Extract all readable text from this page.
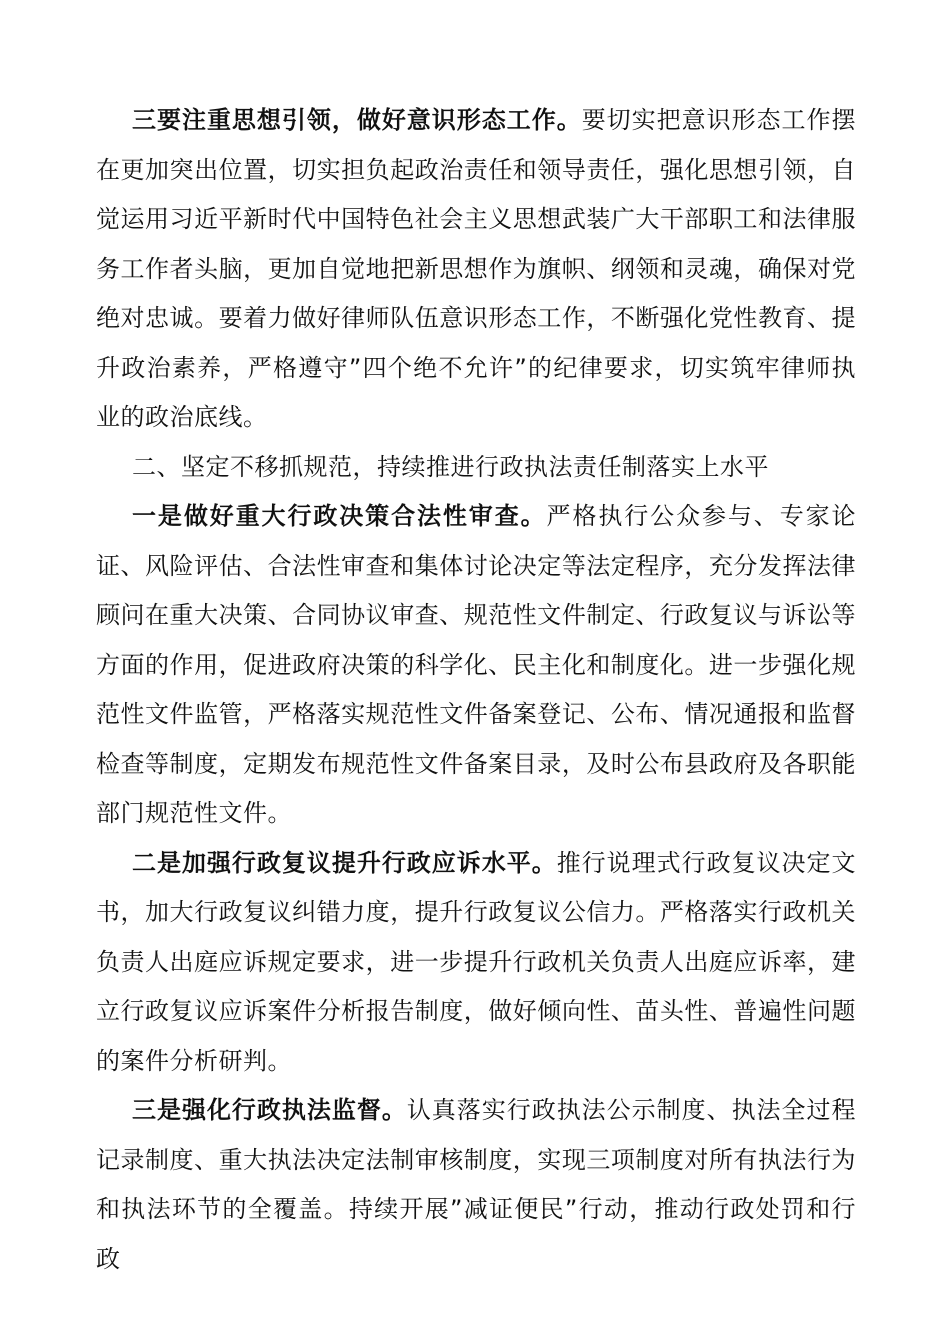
三要注重思想引领，做好意识形态工作。要切实把意识形态工作摆在更加突出位置，切实担负起政治责任和领导责任，强化思想引领，自觉运用习近平新时代中国特色社会主义思想武装广大干部职工和法律服务工作者头脑，更加自觉地把新思想作为旗帜、纲领和灵魂，确保对党绝对忠诚。要着力做好律师队伍意识形态工作，不断强化党性教育、提升政治素养，严格遵守”四个绝不允许”的纪律要求，切实筑牢律师执业的政治底线。

二、坚定不移抓规范，持续推进行政执法责任制落实上水平

一是做好重大行政决策合法性审查。严格执行公众参与、专家论证、风险评估、合法性审查和集体讨论决定等法定程序，充分发挥法律顾问在重大决策、合同协议审查、规范性文件制定、行政复议与诉讼等方面的作用，促进政府决策的科学化、民主化和制度化。进一步强化规范性文件监管，严格落实规范性文件备案登记、公布、情况通报和监督检查等制度，定期发布规范性文件备案目录，及时公布县政府及各职能部门规范性文件。

二是加强行政复议提升行政应诉水平。推行说理式行政复议决定文书，加大行政复议纠错力度，提升行政复议公信力。严格落实行政机关负责人出庭应诉规定要求，进一步提升行政机关负责人出庭应诉率，建立行政复议应诉案件分析报告制度，做好倾向性、苗头性、普遍性问题的案件分析研判。

三是强化行政执法监督。认真落实行政执法公示制度、执法全过程记录制度、重大执法决定法制审核制度，实现三项制度对所有执法行为和执法环节的全覆盖。持续开展”减证便民”行动，推动行政处罚和行政
